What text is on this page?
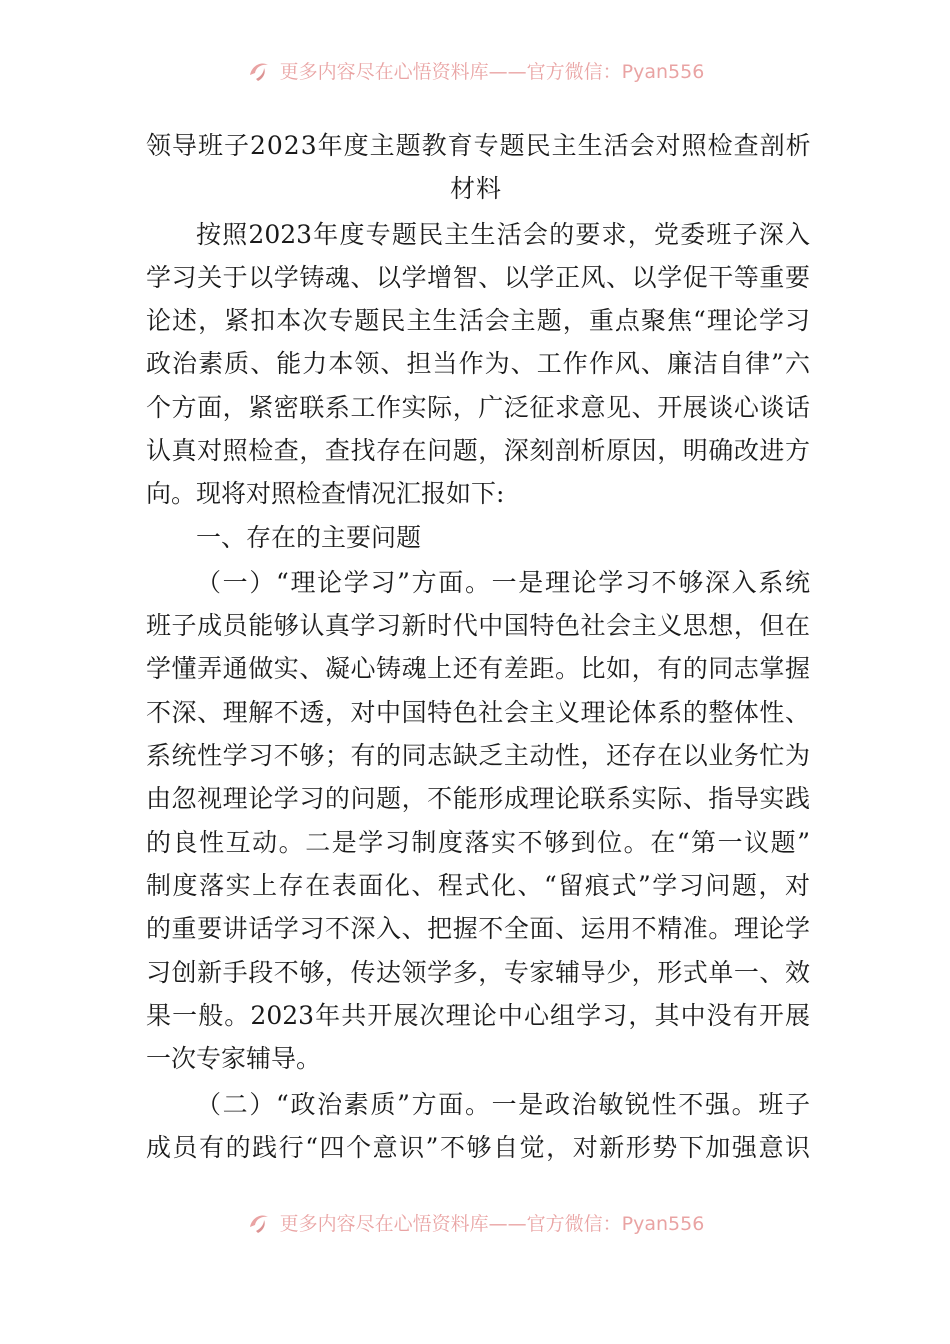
更多内容尽在心悟资料库——官方微信：Pyan556
领导班子2023年度主题教育专题民主生活会对照检查剖析
材料
按照2023年度专题民主生活会的要求，党委班子深入
学习关于以学铸魂、以学增智、以学正风、以学促干等重要
论述，紧扣本次专题民主生活会主题，重点聚焦“理论学习
政治素质、能力本领、担当作为、工作作风、廉洁自律”六
个方面，紧密联系工作实际，广泛征求意见、开展谈心谈话
认真对照检查，查找存在问题，深刻剖析原因，明确改进方
向。现将对照检查情况汇报如下:
一、存在的主要问题
（一）“理论学习”方面。一是理论学习不够深入系统
班子成员能够认真学习新时代中国特色社会主义思想，但在
学懂弄通做实、凝心铸魂上还有差距。比如，有的同志掌握
不深、理解不透，对中国特色社会主义理论体系的整体性、
系统性学习不够；有的同志缺乏主动性，还存在以业务忙为
由忽视理论学习的问题，不能形成理论联系实际、指导实践
的良性互动。二是学习制度落实不够到位。在“第一议题”
制度落实上存在表面化、程式化、“留痕式”学习问题，对
的重要讲话学习不深入、把握不全面、运用不精准。理论学
习创新手段不够，传达领学多，专家辅导少，形式单一、效
果一般。2023年共开展次理论中心组学习，其中没有开展
一次专家辅导。
（二）“政治素质”方面。一是政治敏锐性不强。班子
成员有的践行“四个意识”不够自觉，对新形势下加强意识
更多内容尽在心悟资料库——官方微信：Pyan556
